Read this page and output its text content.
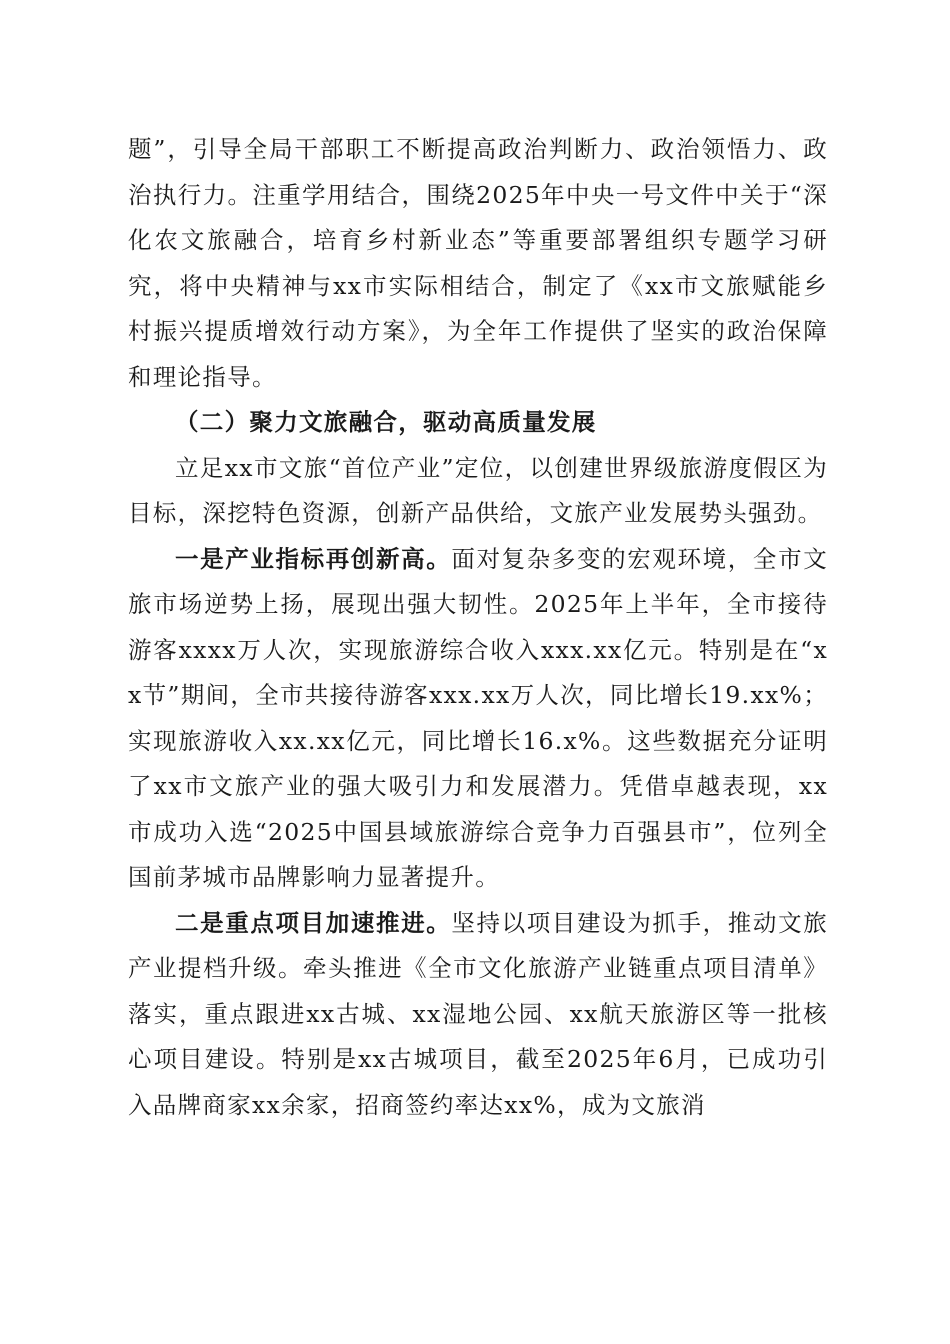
题”，引导全局干部职工不断提高政治判断力、政治领悟力、政治执行力。注重学用结合，围绕2025年中央一号文件中关于“深化农文旅融合，培育乡村新业态”等重要部署组织专题学习研究，将中央精神与xx市实际相结合，制定了《xx市文旅赋能乡村振兴提质增效行动方案》，为全年工作提供了坚实的政治保障和理论指导。

（二）聚力文旅融合，驱动高质量发展

立足xx市文旅“首位产业”定位，以创建世界级旅游度假区为目标，深挖特色资源，创新产品供给，文旅产业发展势头强劲。

一是产业指标再创新高。面对复杂多变的宏观环境，全市文旅市场逆势上扬，展现出强大韧性。2025年上半年，全市接待游客xxxx万人次，实现旅游综合收入xxx.xx亿元。特别是在“xx节”期间，全市共接待游客xxx.xx万人次，同比增长19.xx%；实现旅游收入xx.xx亿元，同比增长16.x%。这些数据充分证明了xx市文旅产业的强大吸引力和发展潜力。凭借卓越表现，xx市成功入选“2025中国县域旅游综合竞争力百强县市”，位列全国前茅城市品牌影响力显著提升。

二是重点项目加速推进。坚持以项目建设为抓手，推动文旅产业提档升级。牵头推进《全市文化旅游产业链重点项目清单》落实，重点跟进xx古城、xx湿地公园、xx航天旅游区等一批核心项目建设。特别是xx古城项目，截至2025年6月，已成功引入品牌商家xx余家，招商签约率达xx%，成为文旅消
